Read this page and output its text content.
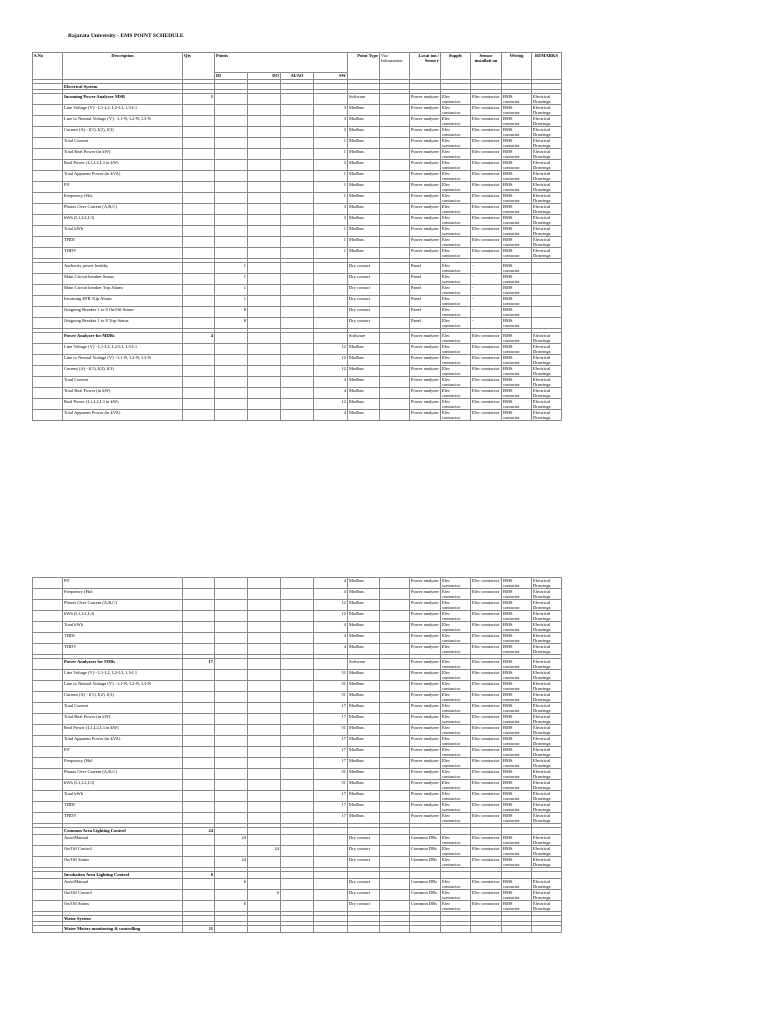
Rajarata University - EMS POINT SCHEDULE
S.No	Description	Qty	Points				Point Type	Via/ Information	Locat ion / Senso r	Supply	Sensor installati on	Wiring	REMARKS
			DI	DO	AI/AO	SW							

	Electrical System												

	Incoming Power Analyzer MSB	1					Software		Power analyzer	Elec contractor	Elec contractor	BMS contactor	Electrical Drawings
	Line Voltage (V) - L1-L2, L2-L3, L3-L1					3	Modbus		Power analyzer	Elec contractor	Elec contractor	BMS contactor	Electrical Drawings
	Line to Neutral Voltage (V) - L1-N, L2-N, L3-N					3	Modbus		Power analyzer	Elec contractor	Elec contractor	BMS contactor	Electrical Drawings
	Current (A) - I(1), I(2), I(3)					3	Modbus		Power analyzer	Elec contractor	Elec contractor	BMS contactor	Electrical Drawings
	Total Current					1	Modbus		Power analyzer	Elec contractor	Elec contractor	BMS contactor	Electrical Drawings
	Total Real Power (in kW)					1	Modbus		Power analyzer	Elec contractor	Elec contractor	BMS contactor	Electrical Drawings
	Real Power (L1,L2,L3 in kW)					3	Modbus		Power analyzer	Elec contractor	Elec contractor	BMS contactor	Electrical Drawings
	Total Apparent Power (in kVA)					1	Modbus		Power analyzer	Elec contractor	Elec contractor	BMS contactor	Electrical Drawings
	P.F.					1	Modbus		Power analyzer	Elec contractor	Elec contractor	BMS contactor	Electrical Drawings
	Frequency (Hz)					1	Modbus		Power analyzer	Elec contractor	Elec contractor	BMS contactor	Electrical Drawings
	Phases Over Current (A,B,C)					3	Modbus		Power analyzer	Elec contractor	Elec contractor	BMS contactor	Electrical Drawings
	kWh (L1,L2,L3)					3	Modbus		Power analyzer	Elec contractor	Elec contractor	BMS contactor	Electrical Drawings
	Total kWh					1	Modbus		Power analyzer	Elec contractor	Elec contractor	BMS contactor	Electrical Drawings
	THDI					1	Modbus		Power analyzer	Elec contractor	Elec contractor	BMS contactor	Electrical Drawings
	THDV					1	Modbus		Power analyzer	Elec contractor	Elec contractor	BMS contactor	Electrical Drawings

	Authority power healthy		1				Dry contact		Panel	Elec contractor	-	BMS contactor	
	Main Circuit breaker Status		1				Dry contact		Panel	Elec contractor	-	BMS contactor	
	Main Circuit breaker Trip Alarm		1				Dry contact		Panel	Elec contractor	-	BMS contactor	
	Incoming EFR Trip Alarm		1				Dry contact		Panel	Elec contractor	-	BMS contactor	
	Outgoing Breaker 1 to 8 On/Off Status		8				Dry contact		Panel	Elec contractor	-	BMS contactor	
	Outgoing Breaker 1 to 8 Trip Status		8				Dry contact		Panel	Elec contractor	-	BMS contactor	

	Power Analyzer for MDBs	4					Software		Power analyzer	Elec contractor	Elec contractor	BMS contactor	Electrical Drawings
	Line Voltage (V) - L1-L2, L2-L3, L3-L1					12	Modbus		Power analyzer	Elec contractor	Elec contractor	BMS contactor	Electrical Drawings
	Line to Neutral Voltage (V) - L1-N, L2-N, L3-N					12	Modbus		Power analyzer	Elec contractor	Elec contractor	BMS contactor	Electrical Drawings
	Current (A) - I(1), I(2), I(3)					12	Modbus		Power analyzer	Elec contractor	Elec contractor	BMS contactor	Electrical Drawings
	Total Current					4	Modbus		Power analyzer	Elec contractor	Elec contractor	BMS contactor	Electrical Drawings
	Total Real Power (in kW)					4	Modbus		Power analyzer	Elec contractor	Elec contractor	BMS contactor	Electrical Drawings
	Real Power (L1,L2,L3 in kW)					12	Modbus		Power analyzer	Elec contractor	Elec contractor	BMS contactor	Electrical Drawings
	Total Apparent Power (in kVA)					4	Modbus		Power analyzer	Elec contractor	Elec contractor	BMS contactor	Electrical Drawings
	P.F.					4	Modbus		Power analyzer	Elec contractor	Elec contractor	BMS contactor	Electrical Drawings
	Frequency (Hz)					4	Modbus		Power analyzer	Elec contractor	Elec contractor	BMS contactor	Electrical Drawings
	Phases Over Current (A,B,C)					12	Modbus		Power analyzer	Elec contractor	Elec contractor	BMS contactor	Electrical Drawings
	kWh (L1,L2,L3)					12	Modbus		Power analyzer	Elec contractor	Elec contractor	BMS contactor	Electrical Drawings
	Total kWh					4	Modbus		Power analyzer	Elec contractor	Elec contractor	BMS contactor	Electrical Drawings
	THDI					4	Modbus		Power analyzer	Elec contractor	Elec contractor	BMS contactor	Electrical Drawings
	THDV					4	Modbus		Power analyzer	Elec contractor	Elec contractor	BMS contactor	Electrical Drawings

	Power Analyzers for FDBs	17					Software		Power analyzer	Elec contractor	Elec contractor	BMS contactor	Electrical Drawings
	Line Voltage (V) - L1-L2, L2-L3, L3-L1					51	Modbus		Power analyzer	Elec contractor	Elec contractor	BMS contactor	Electrical Drawings
	Line to Neutral Voltage (V) - L1-N, L2-N, L3-N					51	Modbus		Power analyzer	Elec contractor	Elec contractor	BMS contactor	Electrical Drawings
	Current (A) - I(1), I(2), I(3)					51	Modbus		Power analyzer	Elec contractor	Elec contractor	BMS contactor	Electrical Drawings
	Total Current					17	Modbus		Power analyzer	Elec contractor	Elec contractor	BMS contactor	Electrical Drawings
	Total Real Power (in kW)					17	Modbus		Power analyzer	Elec contractor	Elec contractor	BMS contactor	Electrical Drawings
	Real Power (L1,L2,L3 in kW)					51	Modbus		Power analyzer	Elec contractor	Elec contractor	BMS contactor	Electrical Drawings
	Total Apparent Power (in kVA)					17	Modbus		Power analyzer	Elec contractor	Elec contractor	BMS contactor	Electrical Drawings
	P.F.					17	Modbus		Power analyzer	Elec contractor	Elec contractor	BMS contactor	Electrical Drawings
	Frequency (Hz)					17	Modbus		Power analyzer	Elec contractor	Elec contractor	BMS contactor	Electrical Drawings
	Phases Over Current (A,B,C)					51	Modbus		Power analyzer	Elec contractor	Elec contractor	BMS contactor	Electrical Drawings
	kWh (L1,L2,L3)					51	Modbus		Power analyzer	Elec contractor	Elec contractor	BMS contactor	Electrical Drawings
	Total kWh					17	Modbus		Power analyzer	Elec contractor	Elec contractor	BMS contactor	Electrical Drawings
	THDI					17	Modbus		Power analyzer	Elec contractor	Elec contractor	BMS contactor	Electrical Drawings
	THDV					17	Modbus		Power analyzer	Elec contractor	Elec contractor	BMS contactor	Electrical Drawings

	Common Area Lighting Control	24											
	Auto/Manual		24				Dry contact		Common DBs	Elec contractor	Elec contractor	BMS contactor	Electrical Drawings
	On/Off Control			24			Dry contact		Common DBs	Elec contractor	Elec contractor	BMS contactor	Electrical Drawings
	On/Off Status		24				Dry contact		Common DBs	Elec contractor	Elec contractor	BMS contactor	Electrical Drawings

	Incubation Area Lighting Control	6											
	Auto/Manual		6				Dry contact		Common DBs	Elec contractor	Elec contractor	BMS contactor	Electrical Drawings
	On/Off Control			6			Dry contact		Common DBs	Elec contractor	Elec contractor	BMS contactor	Electrical Drawings
	On/Off Status		6				Dry contact		Common DBs	Elec contractor	Elec contractor	BMS contactor	Electrical Drawings

	Water System												

	Water Meters monitoring & controlling	11											
